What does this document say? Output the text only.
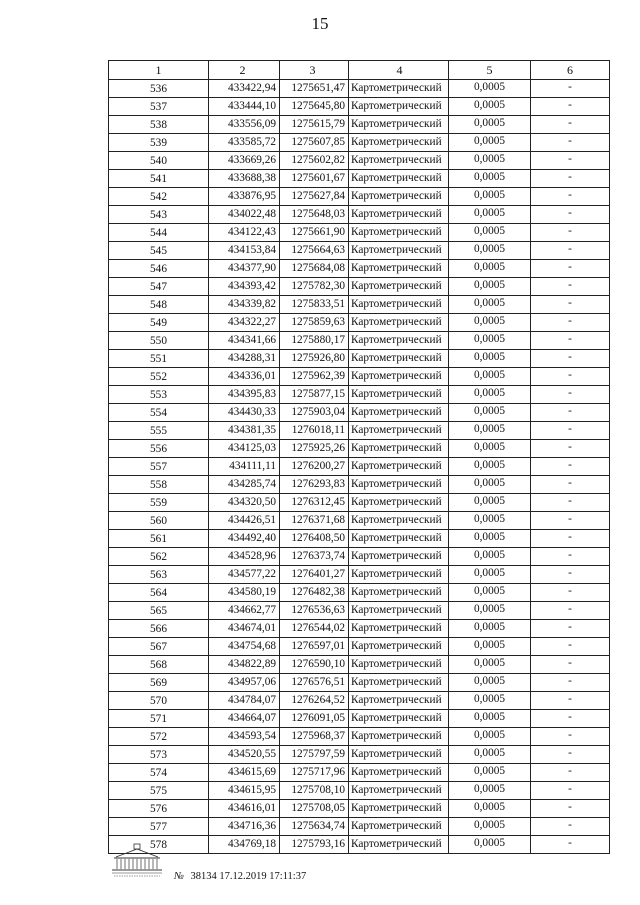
15
1	2	3	4	5	6
536	433422,94	1275651,47	Картометрический	0,0005	-
537	433444,10	1275645,80	Картометрический	0,0005	-
538	433556,09	1275615,79	Картометрический	0,0005	-
539	433585,72	1275607,85	Картометрический	0,0005	-
540	433669,26	1275602,82	Картометрический	0,0005	-
541	433688,38	1275601,67	Картометрический	0,0005	-
542	433876,95	1275627,84	Картометрический	0,0005	-
543	434022,48	1275648,03	Картометрический	0,0005	-
544	434122,43	1275661,90	Картометрический	0,0005	-
545	434153,84	1275664,63	Картометрический	0,0005	-
546	434377,90	1275684,08	Картометрический	0,0005	-
547	434393,42	1275782,30	Картометрический	0,0005	-
548	434339,82	1275833,51	Картометрический	0,0005	-
549	434322,27	1275859,63	Картометрический	0,0005	-
550	434341,66	1275880,17	Картометрический	0,0005	-
551	434288,31	1275926,80	Картометрический	0,0005	-
552	434336,01	1275962,39	Картометрический	0,0005	-
553	434395,83	1275877,15	Картометрический	0,0005	-
554	434430,33	1275903,04	Картометрический	0,0005	-
555	434381,35	1276018,11	Картометрический	0,0005	-
556	434125,03	1275925,26	Картометрический	0,0005	-
557	434111,11	1276200,27	Картометрический	0,0005	-
558	434285,74	1276293,83	Картометрический	0,0005	-
559	434320,50	1276312,45	Картометрический	0,0005	-
560	434426,51	1276371,68	Картометрический	0,0005	-
561	434492,40	1276408,50	Картометрический	0,0005	-
562	434528,96	1276373,74	Картометрический	0,0005	-
563	434577,22	1276401,27	Картометрический	0,0005	-
564	434580,19	1276482,38	Картометрический	0,0005	-
565	434662,77	1276536,63	Картометрический	0,0005	-
566	434674,01	1276544,02	Картометрический	0,0005	-
567	434754,68	1276597,01	Картометрический	0,0005	-
568	434822,89	1276590,10	Картометрический	0,0005	-
569	434957,06	1276576,51	Картометрический	0,0005	-
570	434784,07	1276264,52	Картометрический	0,0005	-
571	434664,07	1276091,05	Картометрический	0,0005	-
572	434593,54	1275968,37	Картометрический	0,0005	-
573	434520,55	1275797,59	Картометрический	0,0005	-
574	434615,69	1275717,96	Картометрический	0,0005	-
575	434615,95	1275708,10	Картометрический	0,0005	-
576	434616,01	1275708,05	Картометрический	0,0005	-
577	434716,36	1275634,74	Картометрический	0,0005	-
578	434769,18	1275793,16	Картометрический	0,0005	-
№ 38134 17.12.2019 17:11:37
